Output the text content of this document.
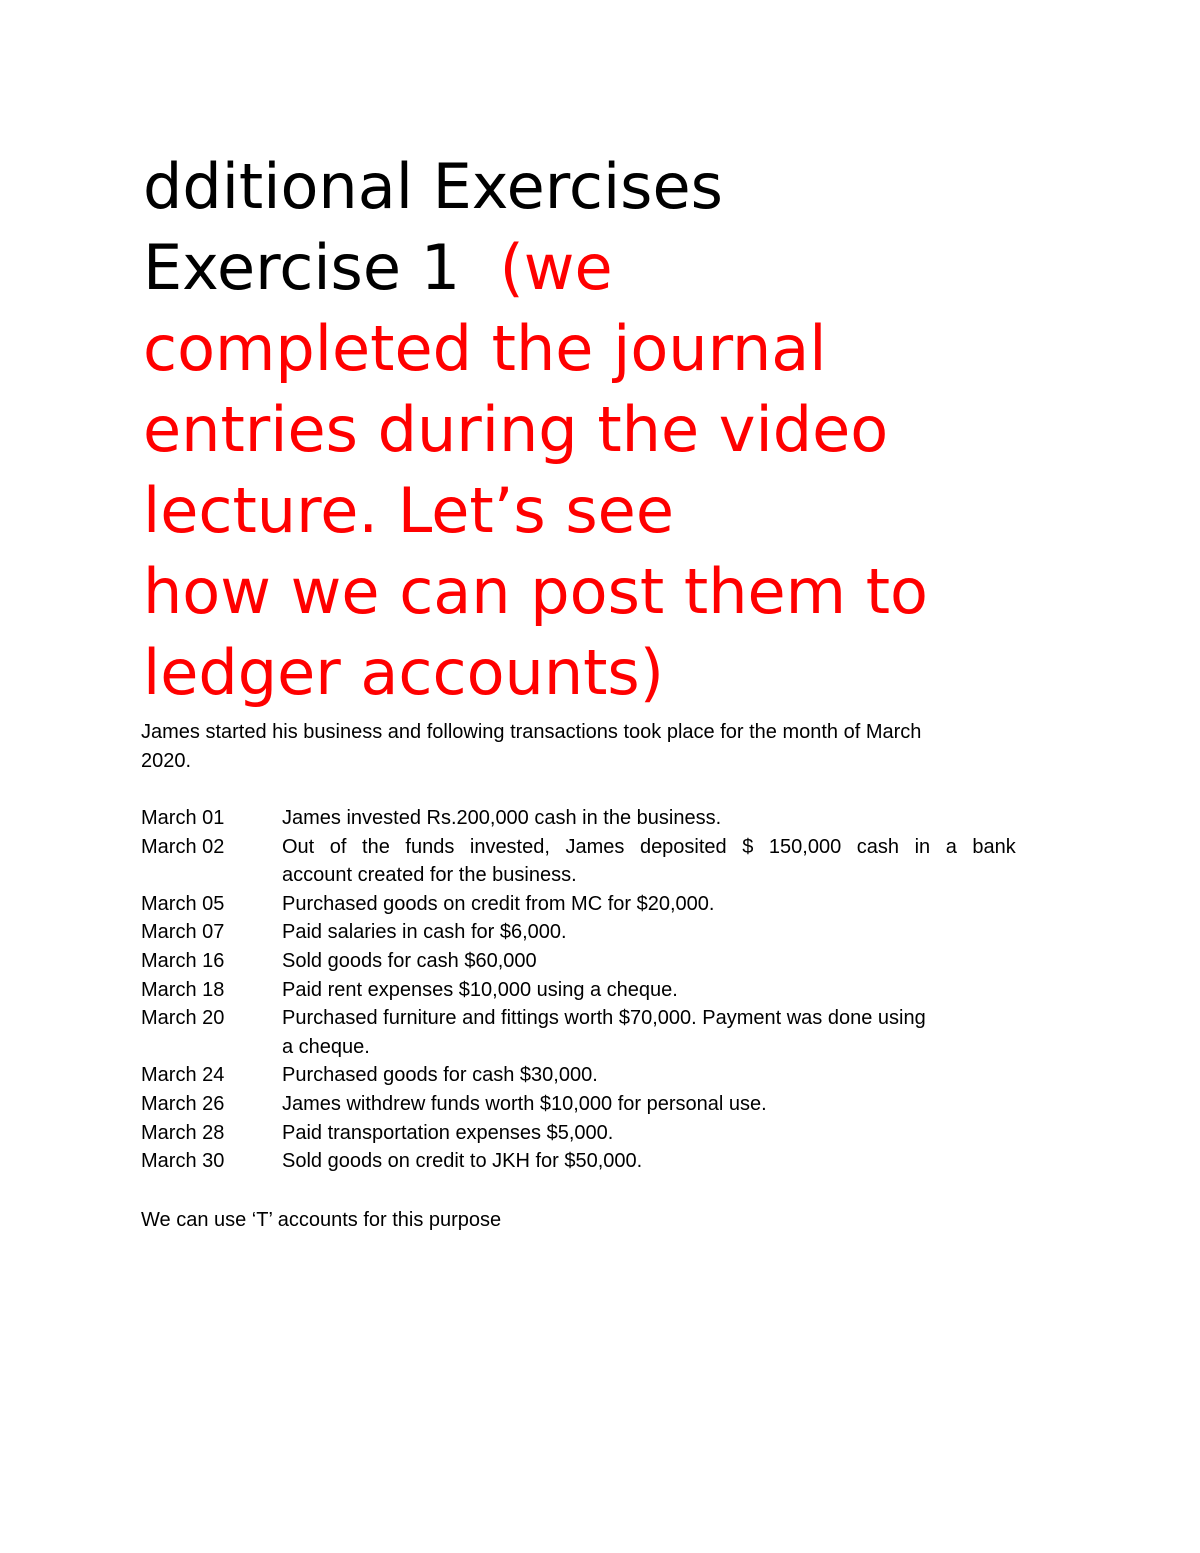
dditional Exercises
Exercise 1  (we
completed the journal
entries during the video
lecture. Let’s see
how we can post them to
ledger accounts)
James started his business and following transactions took place for the month of March
2020.
March 01	James invested Rs.200,000 cash in the business.
March 02	Out of the funds invested, James deposited $ 150,000 cash in a bank
account created for the business.
March 05	Purchased goods on credit from MC for $20,000.
March 07	Paid salaries in cash for $6,000.
March 16	Sold goods for cash $60,000
March 18	Paid rent expenses $10,000 using a cheque.
March 20	Purchased furniture and fittings worth $70,000. Payment was done using
a cheque.
March 24	Purchased goods for cash $30,000.
March 26	James withdrew funds worth $10,000 for personal use.
March 28	Paid transportation expenses $5,000.
March 30	Sold goods on credit to JKH for $50,000.
We can use ‘T’ accounts for this purpose
